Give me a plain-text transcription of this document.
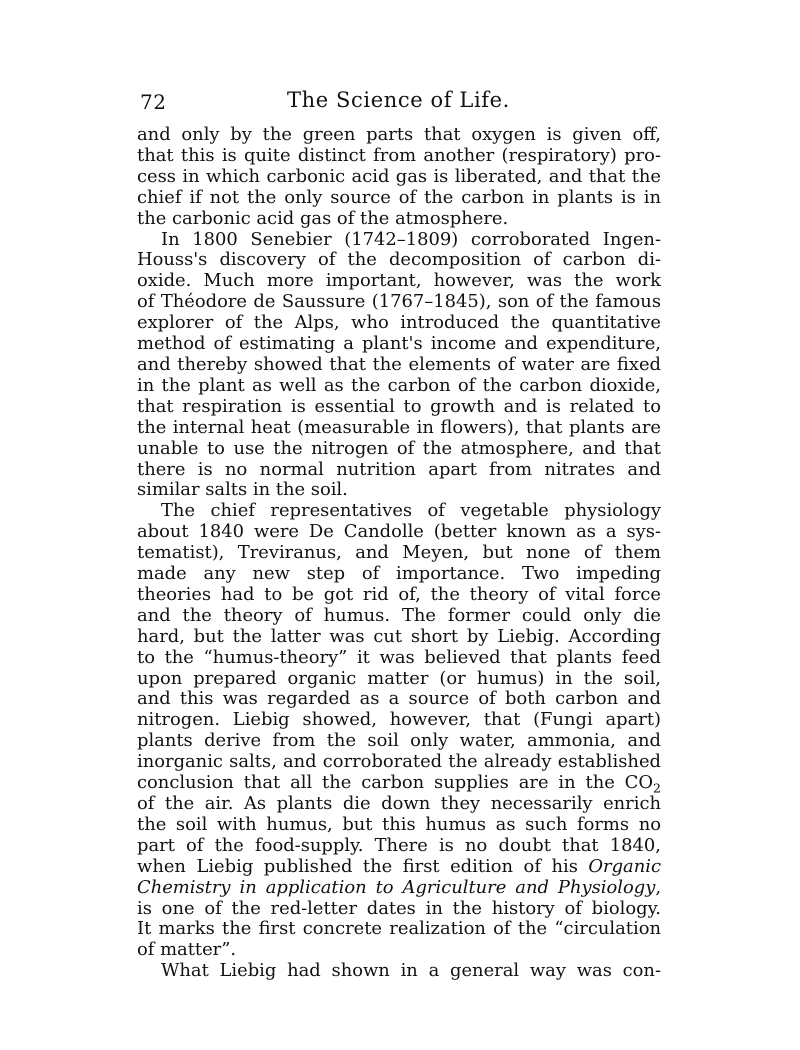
72	The Science of Life.
and only by the green parts that oxygen is given off,
that this is quite distinct from another (respiratory) pro-
cess in which carbonic acid gas is liberated, and that the
chief if not the only source of the carbon in plants is in
the carbonic acid gas of the atmosphere.
In 1800 Senebier (1742–1809) corroborated Ingen-
Houss's discovery of the decomposition of carbon di-
oxide. Much more important, however, was the work
of Théodore de Saussure (1767–1845), son of the famous
explorer of the Alps, who introduced the quantitative
method of estimating a plant's income and expenditure,
and thereby showed that the elements of water are fixed
in the plant as well as the carbon of the carbon dioxide,
that respiration is essential to growth and is related to
the internal heat (measurable in flowers), that plants are
unable to use the nitrogen of the atmosphere, and that
there is no normal nutrition apart from nitrates and
similar salts in the soil.
The chief representatives of vegetable physiology
about 1840 were De Candolle (better known as a sys-
tematist), Treviranus, and Meyen, but none of them
made any new step of importance. Two impeding
theories had to be got rid of, the theory of vital force
and the theory of humus. The former could only die
hard, but the latter was cut short by Liebig. According
to the “humus-theory” it was believed that plants feed
upon prepared organic matter (or humus) in the soil,
and this was regarded as a source of both carbon and
nitrogen. Liebig showed, however, that (Fungi apart)
plants derive from the soil only water, ammonia, and
inorganic salts, and corroborated the already established
conclusion that all the carbon supplies are in the $CO_2$
of the air. As plants die down they necessarily enrich
the soil with humus, but this humus as such forms no
part of the food-supply. There is no doubt that 1840,
when Liebig published the first edition of his Organic
Chemistry in application to Agriculture and Physiology,
is one of the red-letter dates in the history of biology.
It marks the first concrete realization of the “circulation
of matter”.
What Liebig had shown in a general way was con-
